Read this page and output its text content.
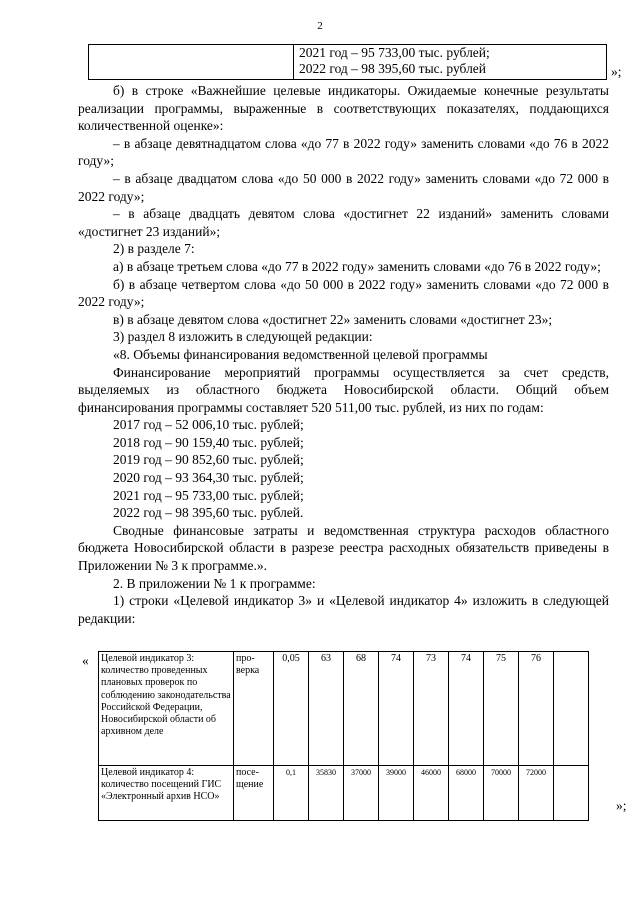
2

2021 год – 95 733,00 тыс. рублей;
2022 год – 98 395,60 тыс. рублей	»;

б) в строке «Важнейшие целевые индикаторы. Ожидаемые конечные результаты реализации программы, выраженные в соответствующих показателях, поддающихся количественной оценке»:

– в абзаце девятнадцатом слова «до 77 в 2022 году» заменить словами «до 76 в 2022 году»;

– в абзаце двадцатом слова «до 50 000 в 2022 году» заменить словами «до 72 000 в 2022 году»;

– в абзаце двадцать девятом слова «достигнет 22 изданий» заменить словами «достигнет 23 изданий»;

2) в разделе 7:

а) в абзаце третьем слова «до 77 в 2022 году» заменить словами «до 76 в 2022 году»;

б) в абзаце четвертом слова «до 50 000 в 2022 году» заменить словами «до 72 000 в 2022 году»;

в) в абзаце девятом слова «достигнет 22» заменить словами «достигнет 23»;

3) раздел 8 изложить в следующей редакции:

«8. Объемы финансирования ведомственной целевой программы

Финансирование мероприятий программы осуществляется за счет средств, выделяемых из областного бюджета Новосибирской области. Общий объем финансирования программы составляет 520 511,00 тыс. рублей, из них по годам:

2017 год – 52 006,10 тыс. рублей;

2018 год – 90 159,40 тыс. рублей;

2019 год – 90 852,60 тыс. рублей;

2020 год – 93 364,30 тыс. рублей;

2021 год – 95 733,00 тыс. рублей;

2022 год – 98 395,60 тыс. рублей.

Сводные финансовые затраты и ведомственная структура расходов областного бюджета Новосибирской области в разрезе реестра расходных обязательств приведены в Приложении № 3 к программе.».

2. В приложении № 1 к программе:

1) строки «Целевой индикатор 3» и «Целевой индикатор 4» изложить в следующей редакции:

« Целевой индикатор 3: количество проведенных плановых проверок по соблюдению законодательства Российской Федерации, Новосибирской области об архивном деле	про-верка	0,05	63	68	74	73	74	75	76	
Целевой индикатор 4: количество посещений ГИС «Электронный архив НСО»	посе-щение	0,1	35830	37000	39000	46000	68000	70000	72000	
»;
